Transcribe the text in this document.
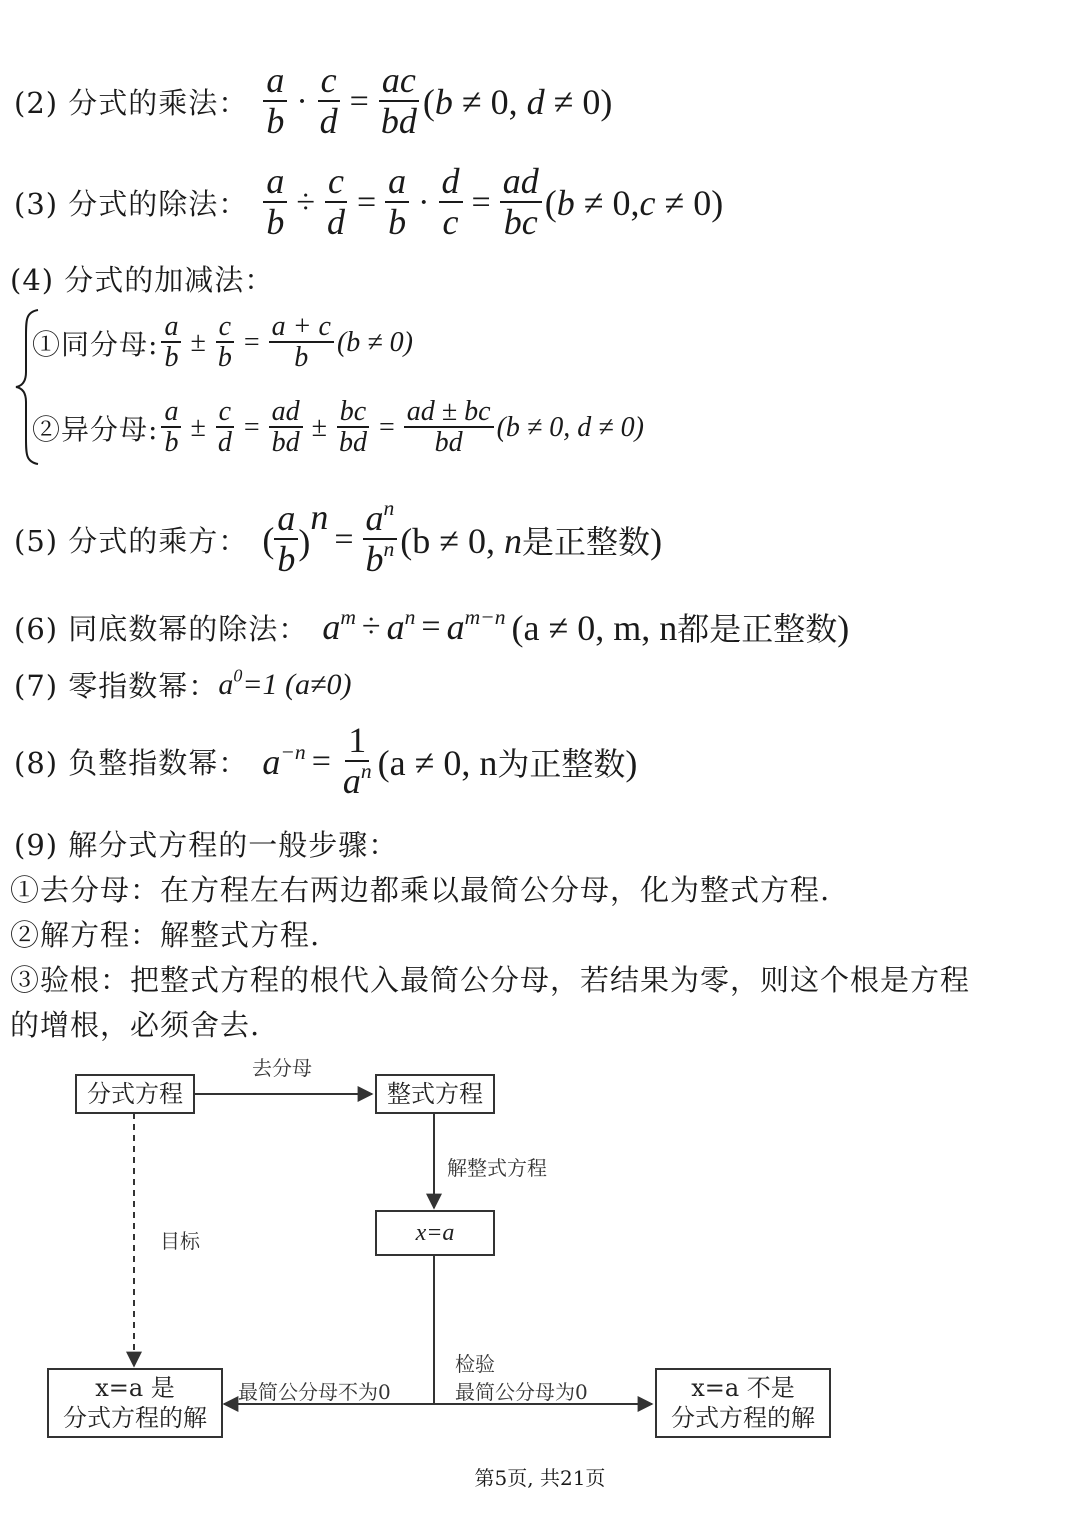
(2) 分式的乘法： $\frac{a}{b} \cdot \frac{c}{d} = \frac{ac}{bd} (b \ne 0$, d ≠ 0)
(3) 分式的除法： $\frac{a}{b} \div \frac{c}{d} = \frac{a}{b} \cdot \frac{d}{c} = \frac{ad}{bc} (b \ne 0,c \ne 0)$
(4) 分式的加减法：
①同分母: $\frac{a}{b} \pm \frac{c}{b} = \frac{a + c}{b} (b \ne 0)$
②异分母: $\frac{a}{b} \pm \frac{c}{d} = \frac{ad}{bd} \pm \frac{bc}{bd} = \frac{ad \pm bc}{bd} (b \ne 0$, d ≠ 0)
(5) 分式的乘方： ( $\frac{a}{b} )^n$
= $\frac{a^n}{b^n} (b \ne 0$, n是正整数)
(6) 同底数幂的除法： $a^m \div a^n = a^{m-n}$ (a ≠ 0, m, n都是正整数)
(7) 零指数幂： $a^0=1$ (a≠0)
(8) 负整指数幂： $a^{-n} = \frac{1}{a^n} (a \ne 0$, n为正整数)
(9) 解分式方程的一般步骤：
①去分母：在方程左右两边都乘以最简公分母，化为整式方程.
②解方程：解整式方程.
③验根：把整式方程的根代入最简公分母，若结果为零，则这个根是方程
的增根，必须舍去.
分式方程	整式方程
x=a
x=a 是
分式方程的解
x=a 不是
分式方程的解
去分母
解整式方程
目标
检验
最简公分母不为0	最简公分母为0
第5页, 共21页
